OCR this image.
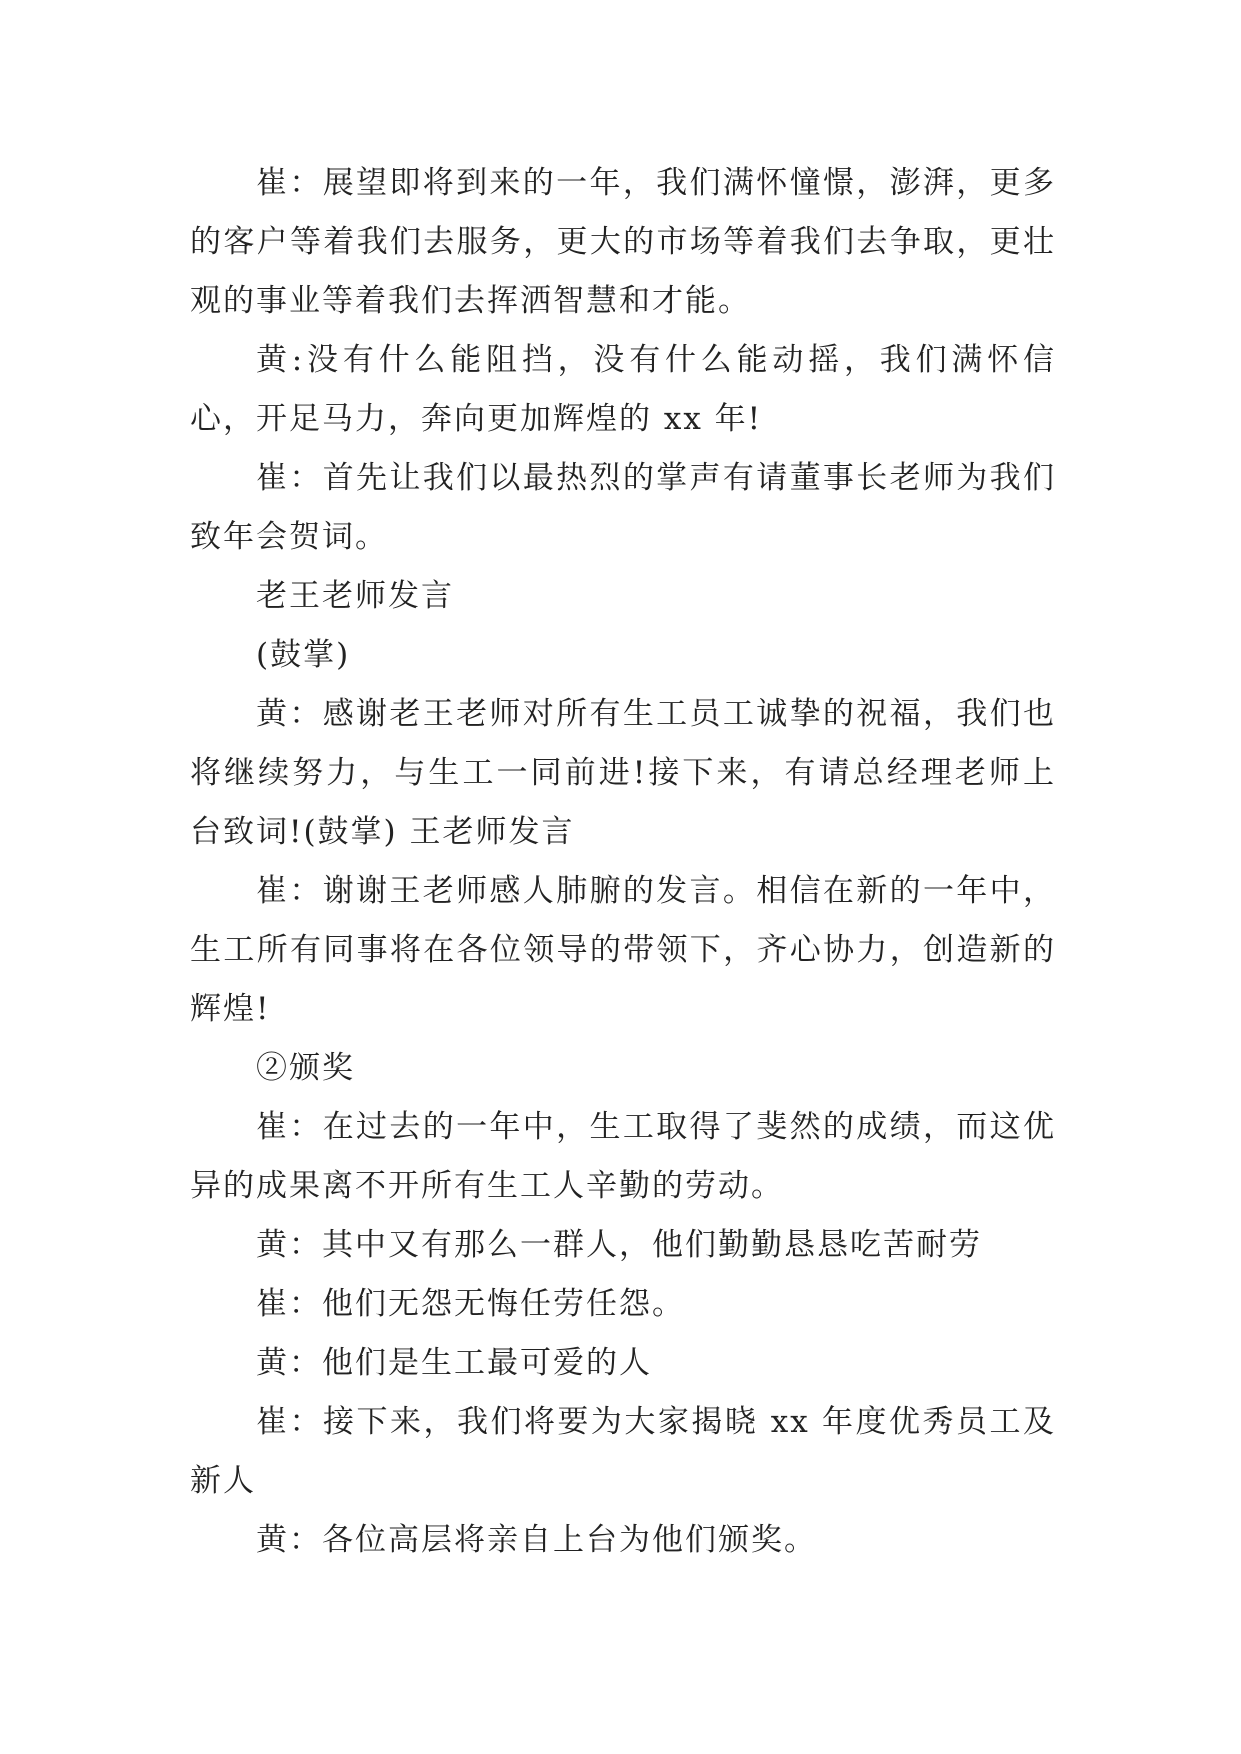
崔：展望即将到来的一年，我们满怀憧憬，澎湃，更多的客户等着我们去服务，更大的市场等着我们去争取，更壮观的事业等着我们去挥洒智慧和才能。

黄:没有什么能阻挡，没有什么能动摇，我们满怀信心，开足马力，奔向更加辉煌的 xx 年!

崔：首先让我们以最热烈的掌声有请董事长老师为我们致年会贺词。

老王老师发言

(鼓掌)

黄：感谢老王老师对所有生工员工诚挚的祝福，我们也将继续努力，与生工一同前进!接下来，有请总经理老师上台致词!(鼓掌) 王老师发言

崔：谢谢王老师感人肺腑的发言。相信在新的一年中，生工所有同事将在各位领导的带领下，齐心协力，创造新的辉煌!

②颁奖

崔：在过去的一年中，生工取得了斐然的成绩，而这优异的成果离不开所有生工人辛勤的劳动。

黄：其中又有那么一群人，他们勤勤恳恳吃苦耐劳

崔：他们无怨无悔任劳任怨。

黄：他们是生工最可爱的人

崔：接下来，我们将要为大家揭晓 xx 年度优秀员工及新人

黄：各位高层将亲自上台为他们颁奖。
